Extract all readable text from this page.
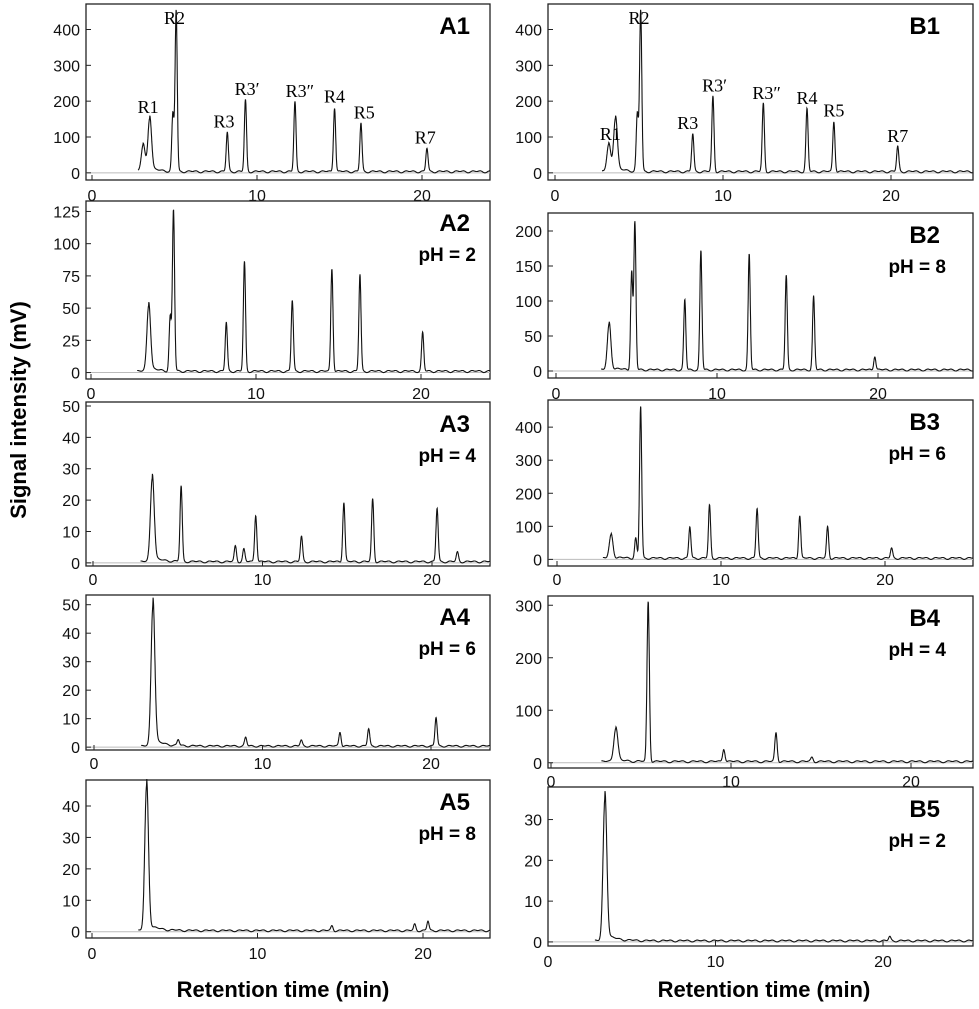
Signal intensity (mV)
Retention time (min)	Retention time (min)
0
100
200
300
400
0	10	20
A1
R1
R2
R3
R3′ R3″ R4
R5
R7
0
25
50
75
100
125
0	10	20
A2
pH = 2
0
10
20
30
40
50
0	10	20
A3
pH = 4
0
10
20
30
40
50
0	10	20
A4
pH = 6
0
10
20
30
40
0	10	20
A5
pH = 8
0
100
200
300
400
0	10	20
B1
R1
R2
R3
R3′ R3″ R4
R5
R7
0
50
100
150
200
0	10	20
B2
pH = 8
0
100
200
300
400
0	10	20
B3
pH = 6
0
100
200
300
0	10	20
B4
pH = 4
0
10
20
30
0	10	20
B5
pH = 2
